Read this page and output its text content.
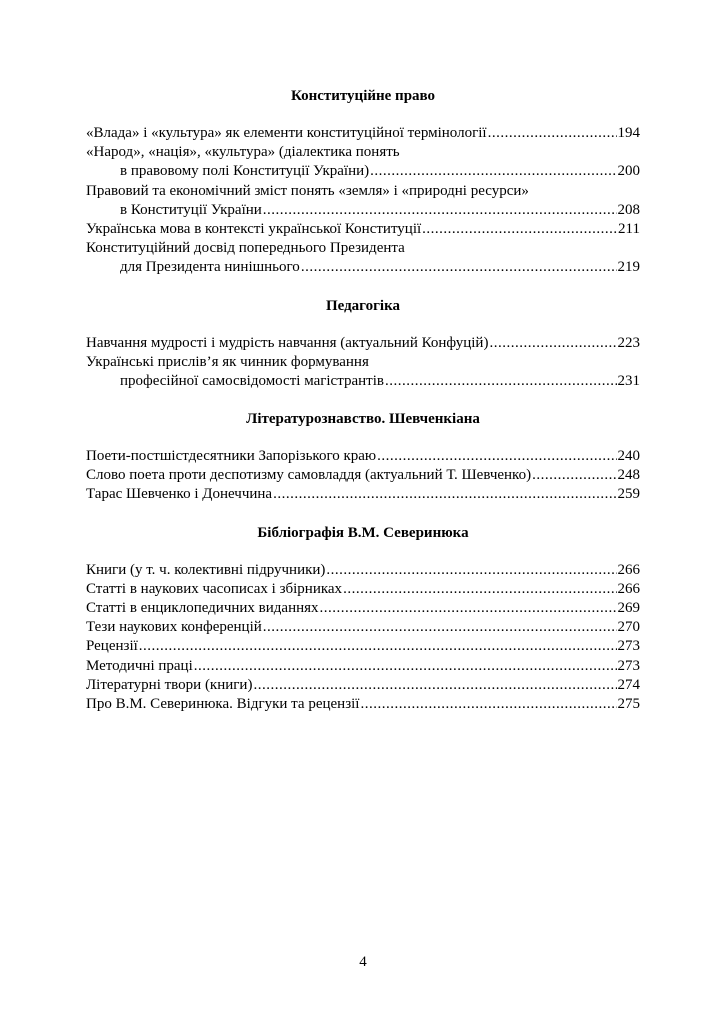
Конституційне право
«Влада» і «культура» як елементи конституційної термінології .....	194
«Народ», «нація», «культура» (діалектика понять
в правовому полі Конституції України) .....	200
Правовий та економічний зміст понять «земля» і «природні ресурси»
в Конституції України .....	208
Українська мова в контексті української Конституції .....	211
Конституційний досвід попереднього Президента
для Президента нинішнього .....	219
Педагогіка
Навчання мудрості і мудрість навчання (актуальний Конфуцій) .....	223
Українські прислів’я як чинник формування
професійної самосвідомості магістрантів .....	231
Літературознавство. Шевченкіана
Поети-постшістдесятники Запорізького краю .....	240
Слово поета проти деспотизму самовладдя (актуальний Т. Шевченко) .....	248
Тарас Шевченко і Донеччина .....	259
Бібліографія В.М. Северинюка
Книги (у т. ч. колективні підручники) .....	266
Статті в наукових часописах і збірниках .....	266
Статті в енциклопедичних виданнях .....	269
Тези наукових конференцій .....	270
Рецензії .....	273
Методичні праці .....	273
Літературні твори (книги) .....	274
Про В.М. Северинюка. Відгуки та рецензії .....	275
4
